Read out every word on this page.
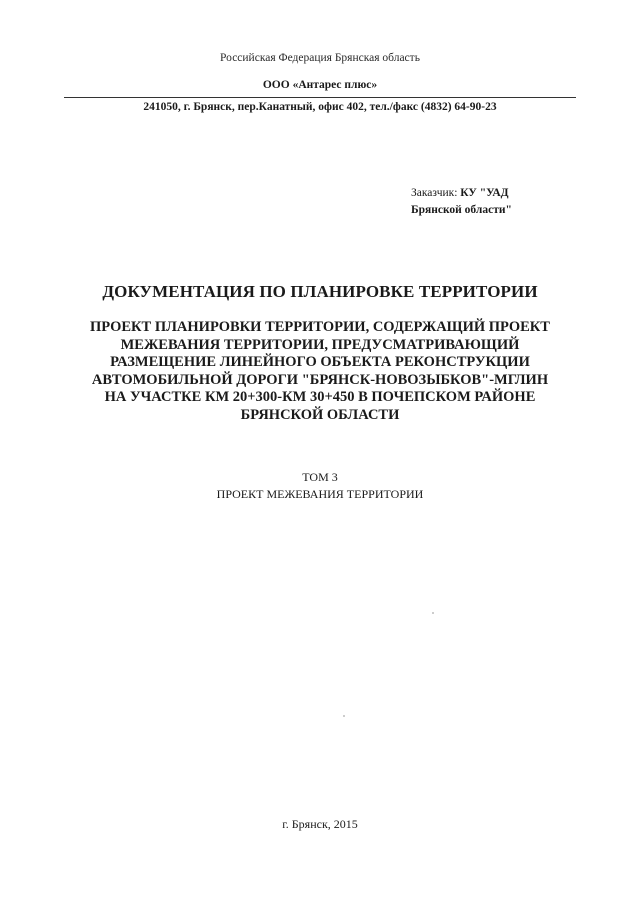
Российская Федерация Брянская область
ООО «Антарес плюс»
241050, г. Брянск, пер.Канатный, офис 402, тел./факс (4832) 64-90-23
Заказчик: КУ "УАД
Брянской области"
ДОКУМЕНТАЦИЯ ПО ПЛАНИРОВКЕ ТЕРРИТОРИИ
ПРОЕКТ ПЛАНИРОВКИ ТЕРРИТОРИИ, СОДЕРЖАЩИЙ ПРОЕКТ
МЕЖЕВАНИЯ ТЕРРИТОРИИ, ПРЕДУСМАТРИВАЮЩИЙ
РАЗМЕЩЕНИЕ ЛИНЕЙНОГО ОБЪЕКТА РЕКОНСТРУКЦИИ
АВТОМОБИЛЬНОЙ ДОРОГИ "БРЯНСК-НОВОЗЫБКОВ"-МГЛИН
НА УЧАСТКЕ КМ 20+300-КМ 30+450 В ПОЧЕПСКОМ РАЙОНЕ
БРЯНСКОЙ ОБЛАСТИ
ТОМ 3
ПРОЕКТ МЕЖЕВАНИЯ ТЕРРИТОРИИ
г. Брянск, 2015
